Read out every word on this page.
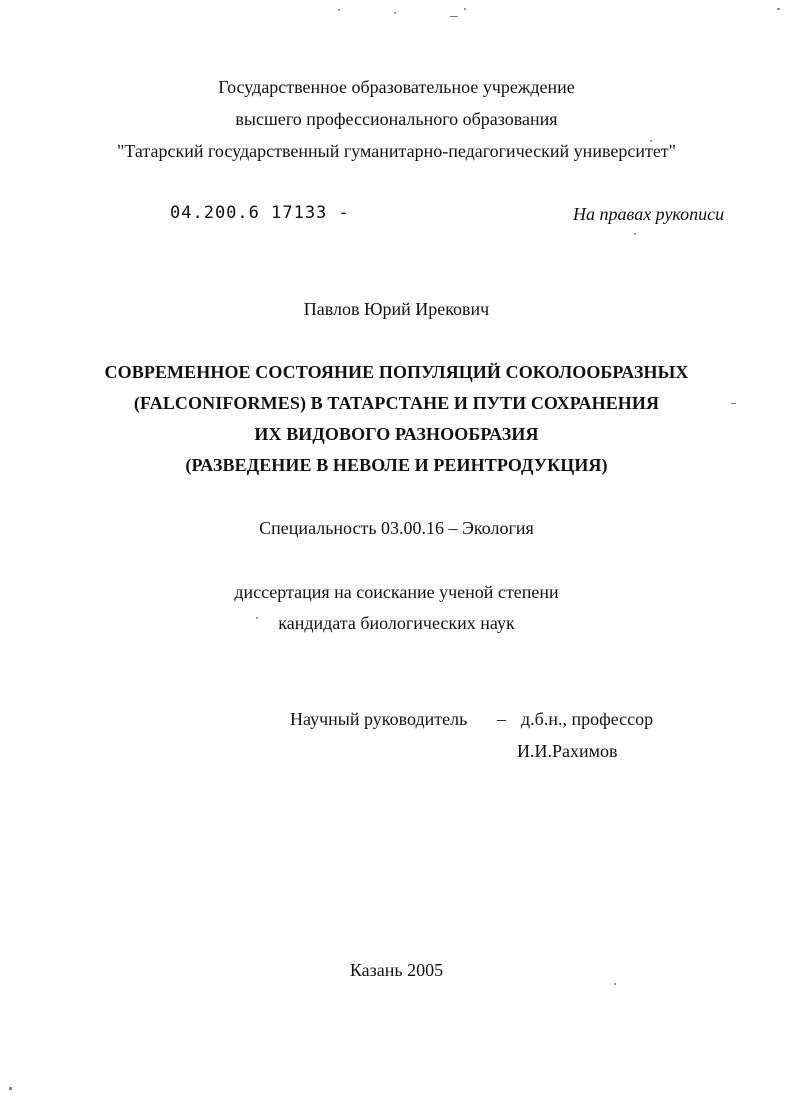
Государственное образовательное учреждение
высшего профессионального образования
"Татарский государственный гуманитарно-педагогический университет"
04.200.6 17133 -	На правах рукописи
Павлов Юрий Ирекович
СОВРЕМЕННОЕ СОСТОЯНИЕ ПОПУЛЯЦИЙ СОКОЛООБРАЗНЫХ
(FALCONIFORMES) В ТАТАРСТАНЕ И ПУТИ СОХРАНЕНИЯ
ИХ ВИДОВОГО РАЗНООБРАЗИЯ
(РАЗВЕДЕНИЕ В НЕВОЛЕ И РЕИНТРОДУКЦИЯ)
Специальность 03.00.16 – Экология
диссертация на соискание ученой степени
кандидата биологических наук
Научный руководитель – д.б.н., профессор
И.И.Рахимов
Казань 2005
